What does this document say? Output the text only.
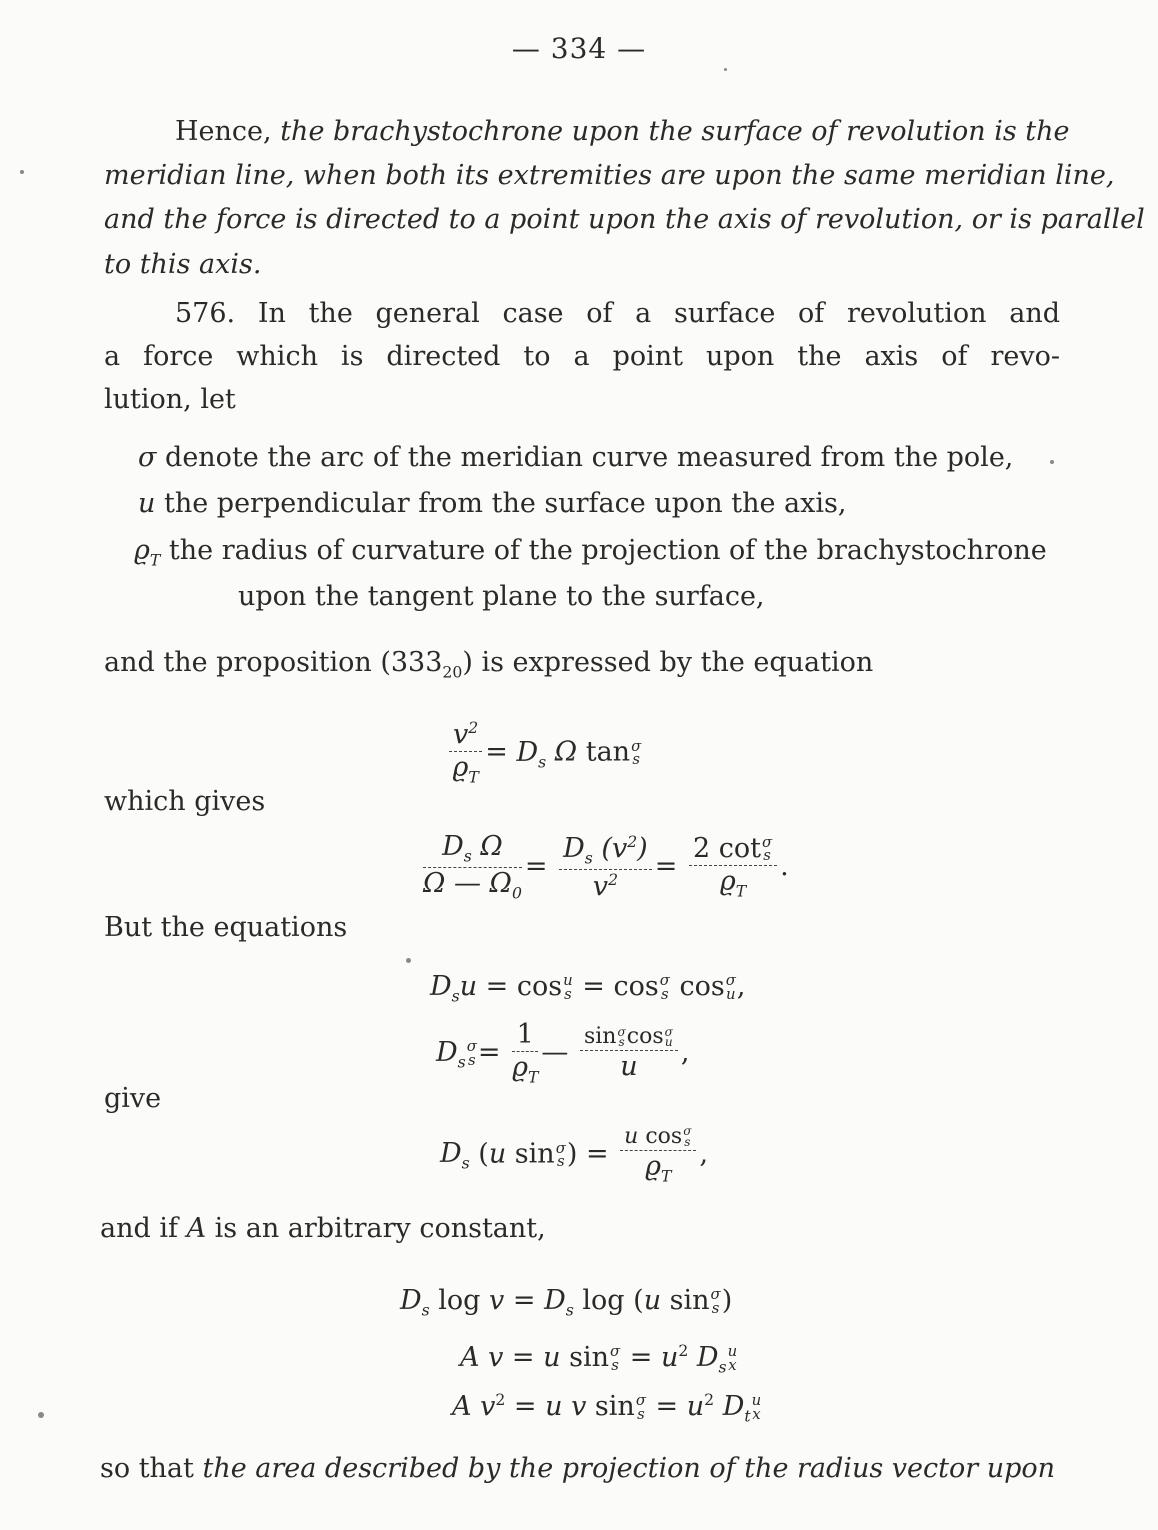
— 334 —
Hence, the brachystochrone upon the surface of revolution is the
meridian line, when both its extremities are upon the same meridian line,
and the force is directed to a point upon the axis of revolution, or is parallel
to this axis.
576. In the general case of a surface of revolution and
a force which is directed to a point upon the axis of revo-
lution, let
σ denote the arc of the meridian curve measured from the pole,
u the perpendicular from the surface upon the axis,
$ϱ_T$ the radius of curvature of the projection of the brachystochrone
upon the tangent plane to the surface,
and the proposition $(333_{20})$ is expressed by the equation
$\frac{v^2}{ϱ_T} = D_s$ Ω tan σ
s
which gives
$\frac{D_s \Omega}{\Omega — \Omega_0} = \frac{D_s (v^2)}{v^2} = 2$ cot σ
s
$ϱ_T$ .
But the equations
$D_su = \cos u$
s = cos σ
s cos σ
u ,
$D_s$
σ
$s = \frac{1}{ϱ_T}$ — sin σ
s cos σ
u
u ,
give
$D_s$ (u sin σ
s ) = u cos σ
s
$ϱ_T$ ,
and if A is an arbitrary constant,
$D_s$ $\log v = D_s$ log (u sin σ
s )
A v = u sin σ
$s = u^2$ $D_s$
u
x
A $v^2 = u$ v sin σ
$s = u^2$ $D_t$
u
x
so that the area described by the projection of the radius vector upon
